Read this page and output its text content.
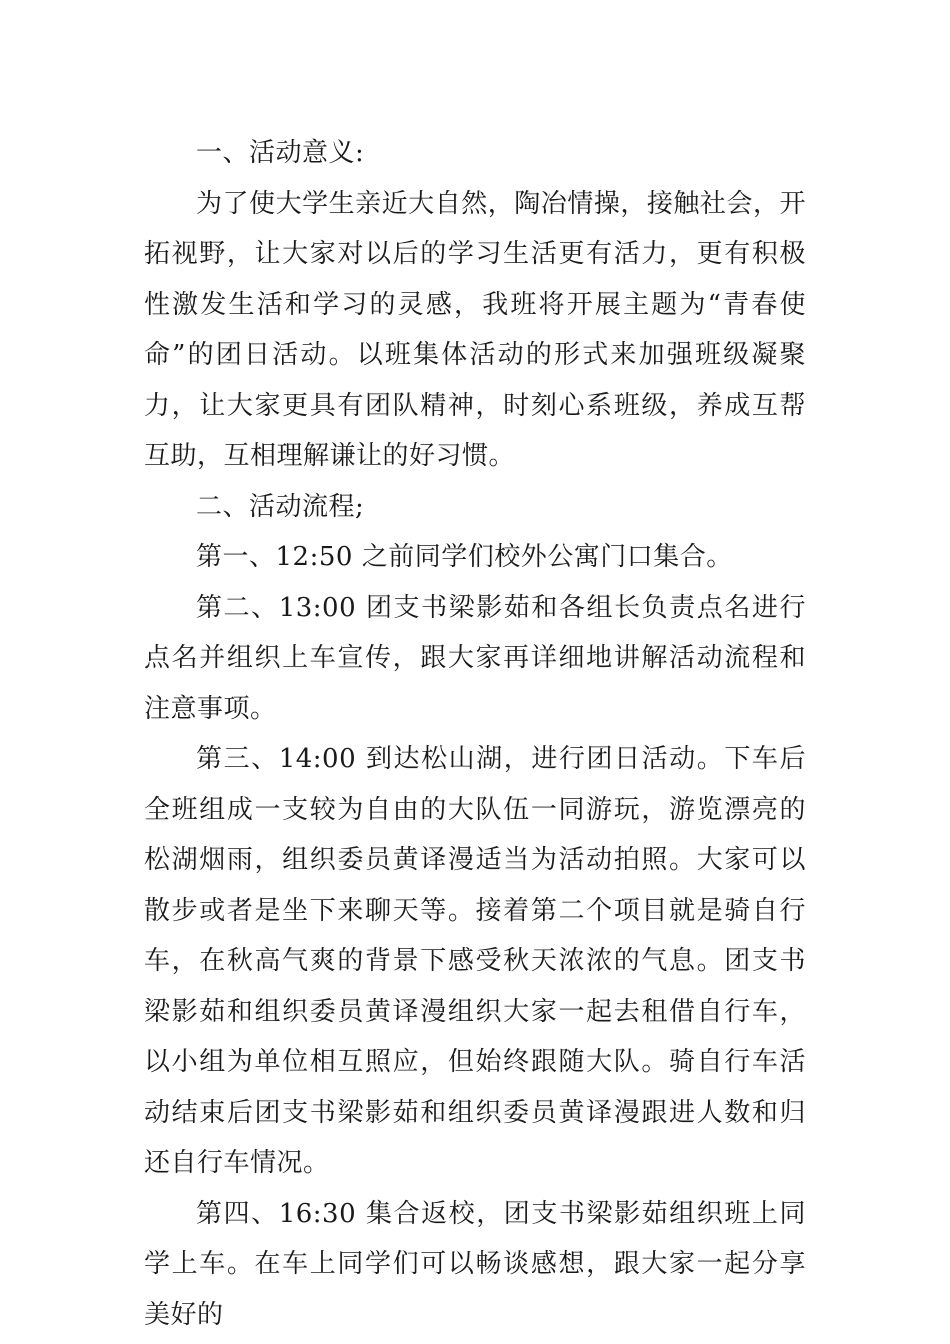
一、活动意义:

为了使大学生亲近大自然，陶冶情操，接触社会，开拓视野，让大家对以后的学习生活更有活力，更有积极性激发生活和学习的灵感，我班将开展主题为“青春使命”的团日活动。以班集体活动的形式来加强班级凝聚力，让大家更具有团队精神，时刻心系班级，养成互帮互助，互相理解谦让的好习惯。

二、活动流程;

第一、12:50 之前同学们校外公寓门口集合。

第二、13:00 团支书梁影茹和各组长负责点名进行点名并组织上车宣传，跟大家再详细地讲解活动流程和注意事项。

第三、14:00 到达松山湖，进行团日活动。下车后全班组成一支较为自由的大队伍一同游玩，游览漂亮的松湖烟雨，组织委员黄译漫适当为活动拍照。大家可以散步或者是坐下来聊天等。接着第二个项目就是骑自行车，在秋高气爽的背景下感受秋天浓浓的气息。团支书梁影茹和组织委员黄译漫组织大家一起去租借自行车，以小组为单位相互照应，但始终跟随大队。骑自行车活动结束后团支书梁影茹和组织委员黄译漫跟进人数和归还自行车情况。

第四、16:30 集合返校，团支书梁影茹组织班上同学上车。在车上同学们可以畅谈感想，跟大家一起分享美好的
